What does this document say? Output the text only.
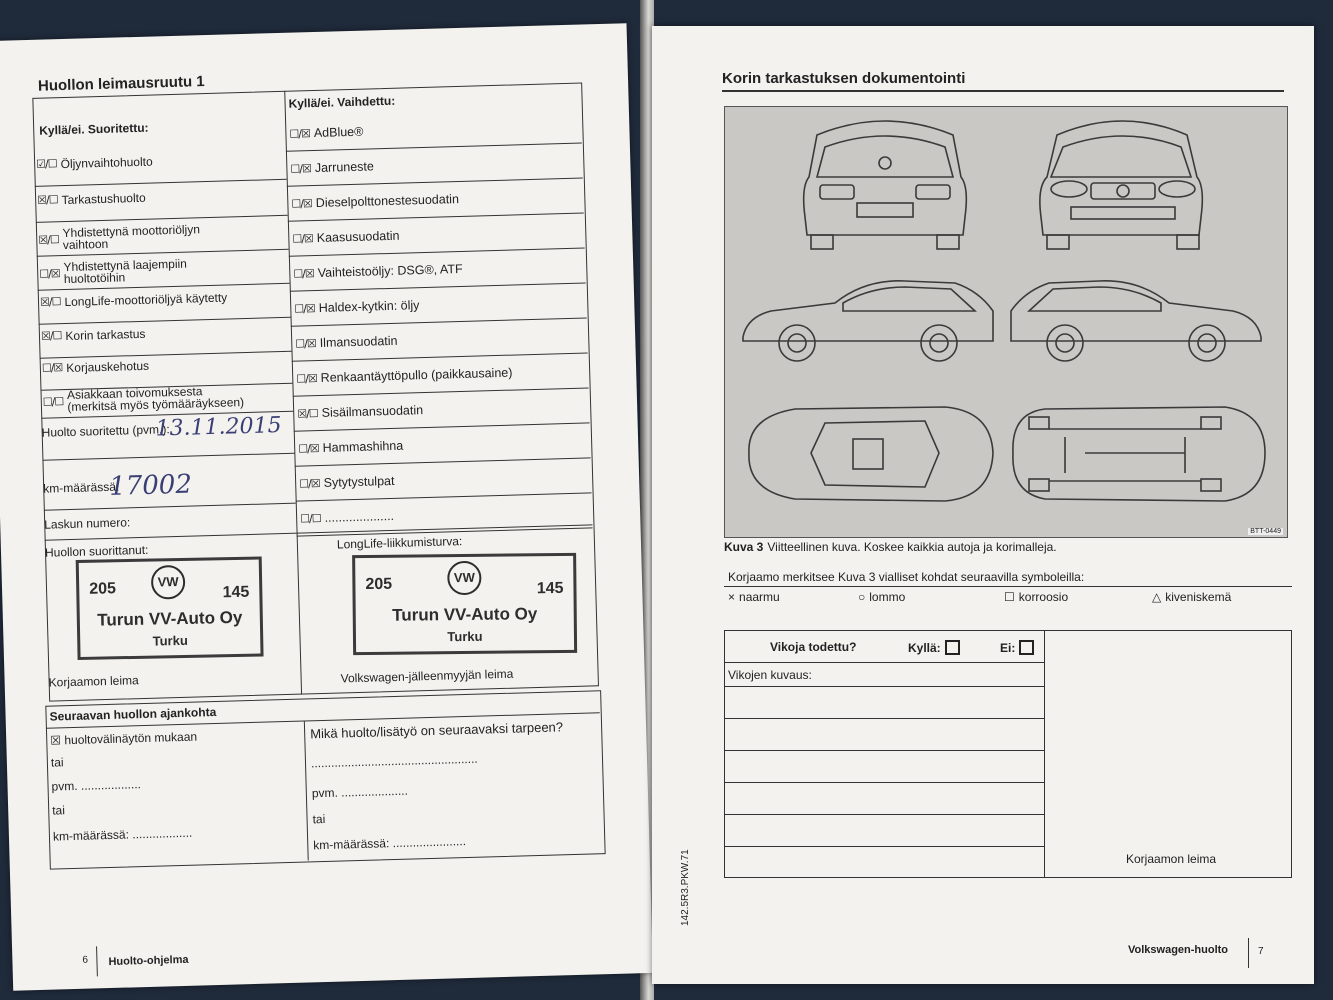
Huollon leimausruutu 1
Kyllä/ei. Suoritettu:
Kyllä/ei. Vaihdettu:
☑/☐ Öljynvaihtohuolto
☒/☐ Tarkastushuolto
☒/☐ Yhdistettynä moottoriöljyn vaihtoon
☐/☒ Yhdistettynä laajempiin huoltotöihin
☒/☐ LongLife-moottoriöljyä käytetty
☒/☐ Korin tarkastus
☐/☒ Korjauskehotus
☐/☐ Asiakkaan toivomuksesta (merkitsä myös työmääräykseen)
☐/☒ AdBlue®
☐/☒ Jarruneste
☐/☒ Dieselpolttonestesuodatin
☐/☒ Kaasusuodatin
☐/☒ Vaihteistoöljy: DSG®, ATF
☐/☒ Haldex-kytkin: öljy
☐/☒ Ilmansuodatin
☐/☒ Renkaantäyttöpullo (paikkausaine)
☒/☐ Sisäilmansuodatin
☐/☒ Hammashihna
☐/☒ Sytytystulpat
☐/☐ ....................
Huolto suoritettu (pvm.):
13.11.2015
km-määrässä:
17002
Laskun numero:
Huollon suorittanut:	LongLife-liikkumisturva:
VW
205	145
Turun VV-Auto Oy
Turku
VW
205	145
Turun VV-Auto Oy
Turku
Korjaamon leima	Volkswagen-jälleenmyyjän leima
Seuraavan huollon ajankohta
☒ huoltovälinäytön mukaan
tai
pvm. ..................
tai
km-määrässä: ..................
Mikä huolto/lisätyö on seuraavaksi tarpeen?
..................................................
pvm. ....................
tai
km-määrässä: ......................
6 Huolto-ohjelma
Korin tarkastuksen dokumentointi
BTT-0449
Kuva 3 Viitteellinen kuva. Koskee kaikkia autoja ja korimalleja.
Korjaamo merkitsee Kuva 3 vialliset kohdat seuraavilla symboleilla:
Vikoja todettu?	Kyllä:	Ei:
Vikojen kuvaus:
Korjaamon leima
142.5R3.PKW.71
Volkswagen-huolto	7
× naarmu	○ lommo	☐ korroosio	△ kiveniskemä
